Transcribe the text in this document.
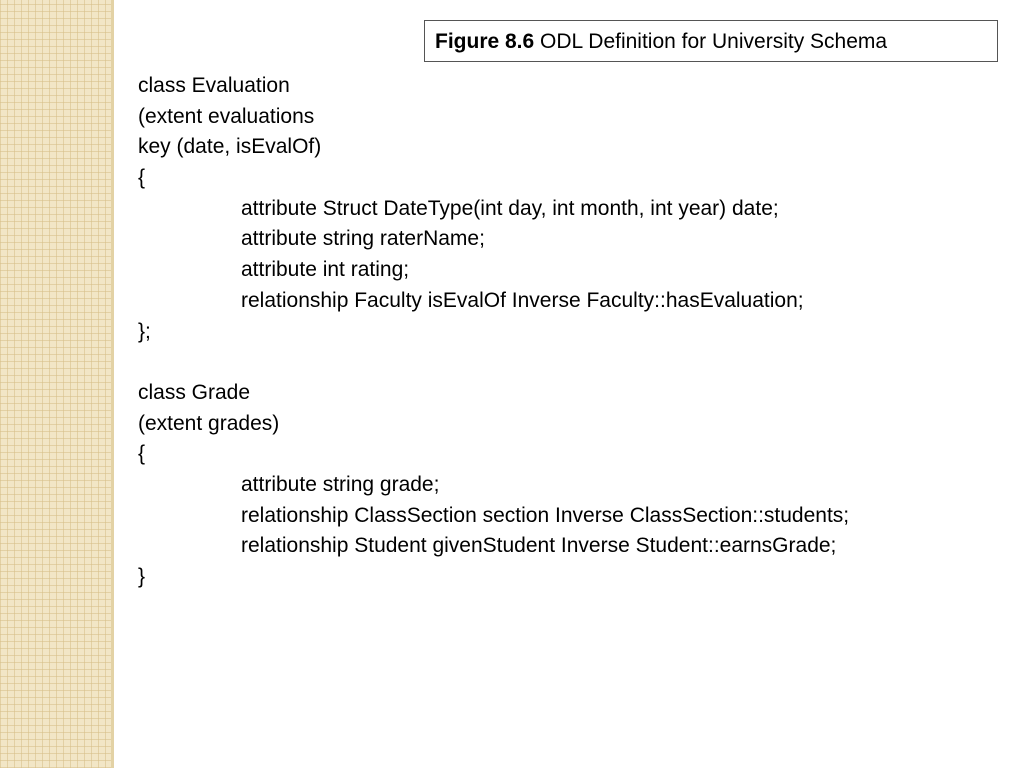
Figure 8.6 ODL Definition for University Schema
class Evaluation
(extent evaluations
key (date, isEvalOf)
{
attribute Struct DateType(int day, int month, int year) date;
attribute string raterName;
attribute int rating;
relationship Faculty isEvalOf Inverse Faculty::hasEvaluation;
};
class Grade
(extent grades)
{
attribute string grade;
relationship ClassSection section Inverse ClassSection::students;
relationship Student givenStudent Inverse Student::earnsGrade;
}
